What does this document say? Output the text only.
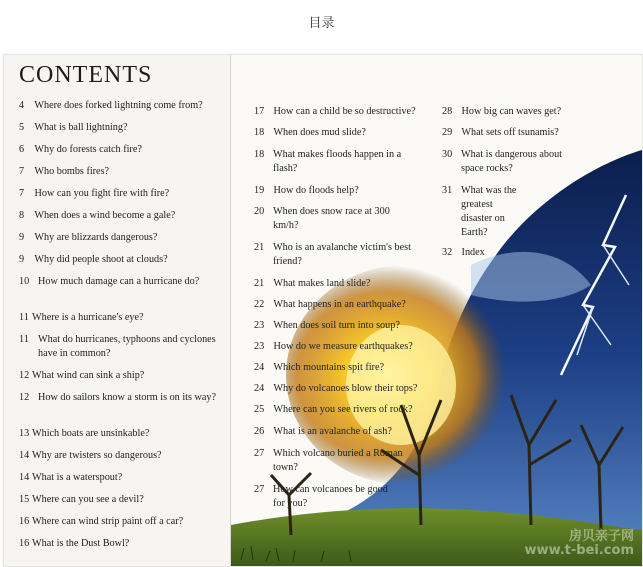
目录
CONTENTS
4 Where does forked lightning come from?
5 What is ball lightning?
6 Why do forests catch fire?
7 Who bombs fires?
7 How can you fight fire with fire?
8 When does a wind become a gale?
9 Why are blizzards dangerous?
9 Why did people shoot at clouds?
10 How much damage can a hurricane do?
11 Where is a hurricane's eye?
11 What do hurricanes, typhoons and cyclones have in common?
12 What wind can sink a ship?
12 How do sailors know a storm is on its way?
13 Which boats are unsinkable?
14 Why are twisters so dangerous?
14 What is a waterspout?
15 Where can you see a devil?
16 Where can wind strip paint off a car?
16 What is the Dust Bowl?
17 How can a child be so destructive?
18 When does mud slide?
18 What makes floods happen in a flash?
19 How do floods help?
20 When does snow race at 300 km/h?
21 Who is an avalanche victim's best friend?
21 What makes land slide?
22 What happens in an earthquake?
23 When does soil turn into soup?
23 How do we measure earthquakes?
24 Which mountains spit fire?
24 Why do volcanoes blow their tops?
25 Where can you see rivers of rock?
26 What is an avalanche of ash?
27 Which volcano buried a Roman town?
27 How can volcanoes be good for you?
28 How big can waves get?
29 What sets off tsunamis?
30 What is dangerous about space rocks?
31 What was the greatest disaster on Earth?
32 Index
房贝亲子网
www.t-bei.com
